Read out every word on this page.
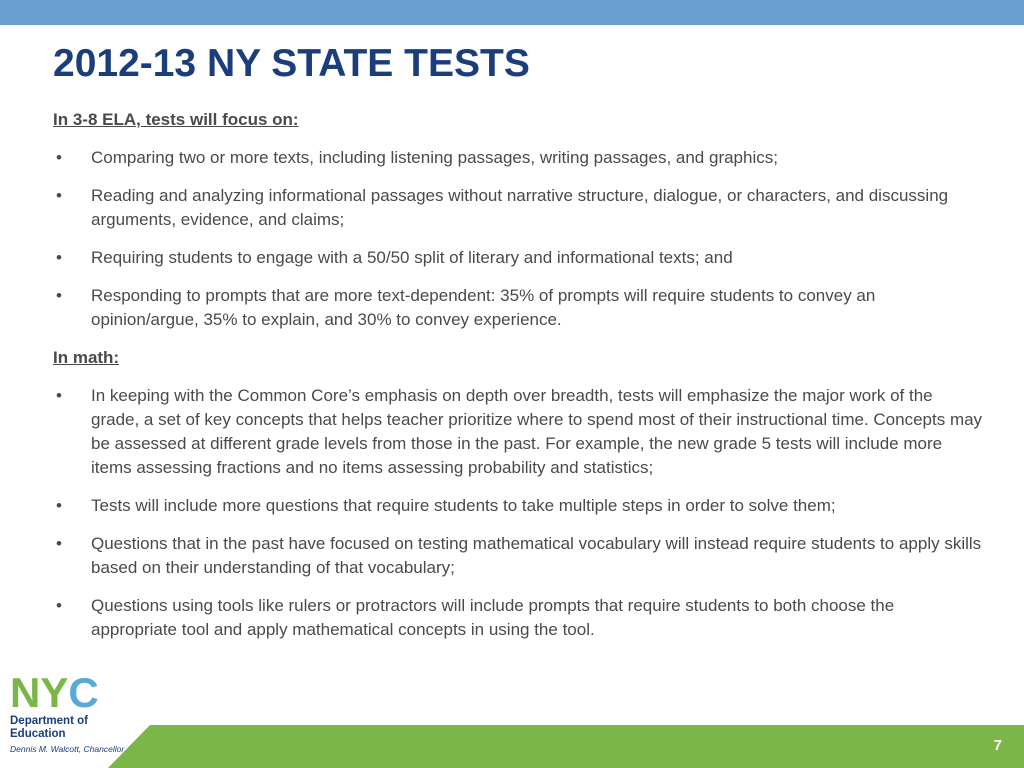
2012-13 NY STATE TESTS
In 3-8 ELA, tests will focus on:
• Comparing two or more texts, including listening passages, writing passages, and graphics;
• Reading and analyzing informational passages without narrative structure, dialogue, or characters, and discussing arguments, evidence, and claims;
• Requiring students to engage with a 50/50 split of literary and informational texts; and
• Responding to prompts that are more text-dependent: 35% of prompts will require students to convey an opinion/argue, 35% to explain, and 30% to convey experience.
In math:
• In keeping with the Common Core’s emphasis on depth over breadth, tests will emphasize the major work of the grade, a set of key concepts that helps teacher prioritize where to spend most of their instructional time. Concepts may be assessed at different grade levels from those in the past. For example, the new grade 5 tests will include more items assessing fractions and no items assessing probability and statistics;
• Tests will include more questions that require students to take multiple steps in order to solve them;
• Questions that in the past have focused on testing mathematical vocabulary will instead require students to apply skills based on their understanding of that vocabulary;
• Questions using tools like rulers or protractors will include prompts that require students to both choose the appropriate tool and apply mathematical concepts in using the tool.
N Y C
Department of
Education
Dennis M. Walcott, Chancellor	7
